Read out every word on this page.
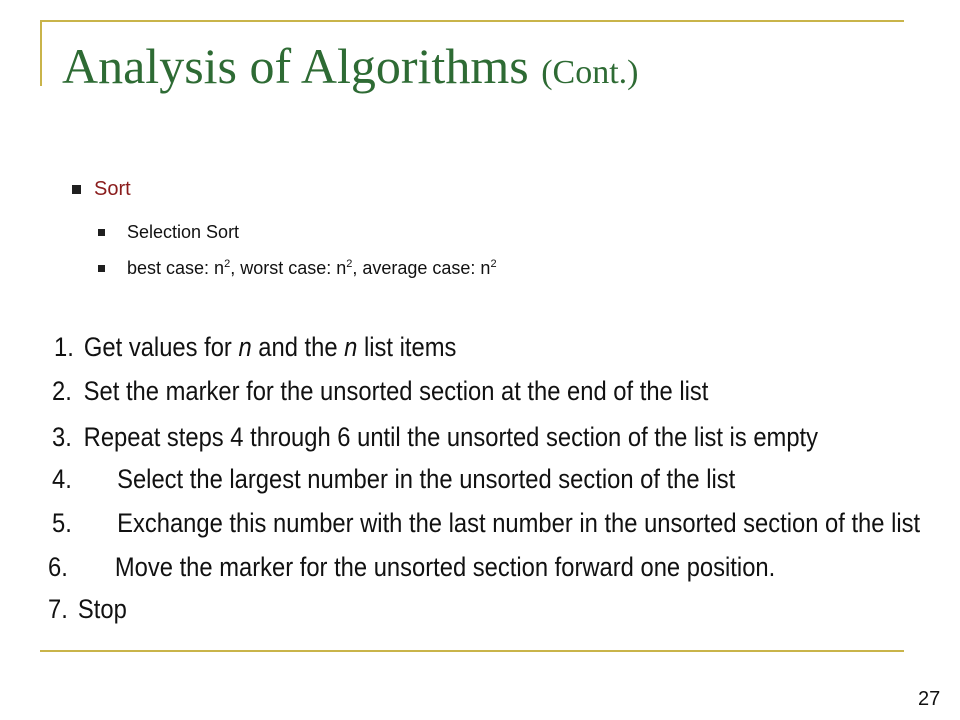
Analysis of Algorithms (Cont.)
Sort
Selection Sort
best case: $n^2$, worst case: $n^2$, average case: $n^2$
1. Get values for n and the n list items
2. Set the marker for the unsorted section at the end of the list
3. Repeat steps 4 through 6 until the unsorted section of the list is empty
4. Select the largest number in the unsorted section of the list
5. Exchange this number with the last number in the unsorted section of the list
6. Move the marker for the unsorted section forward one position.
7. Stop
27
